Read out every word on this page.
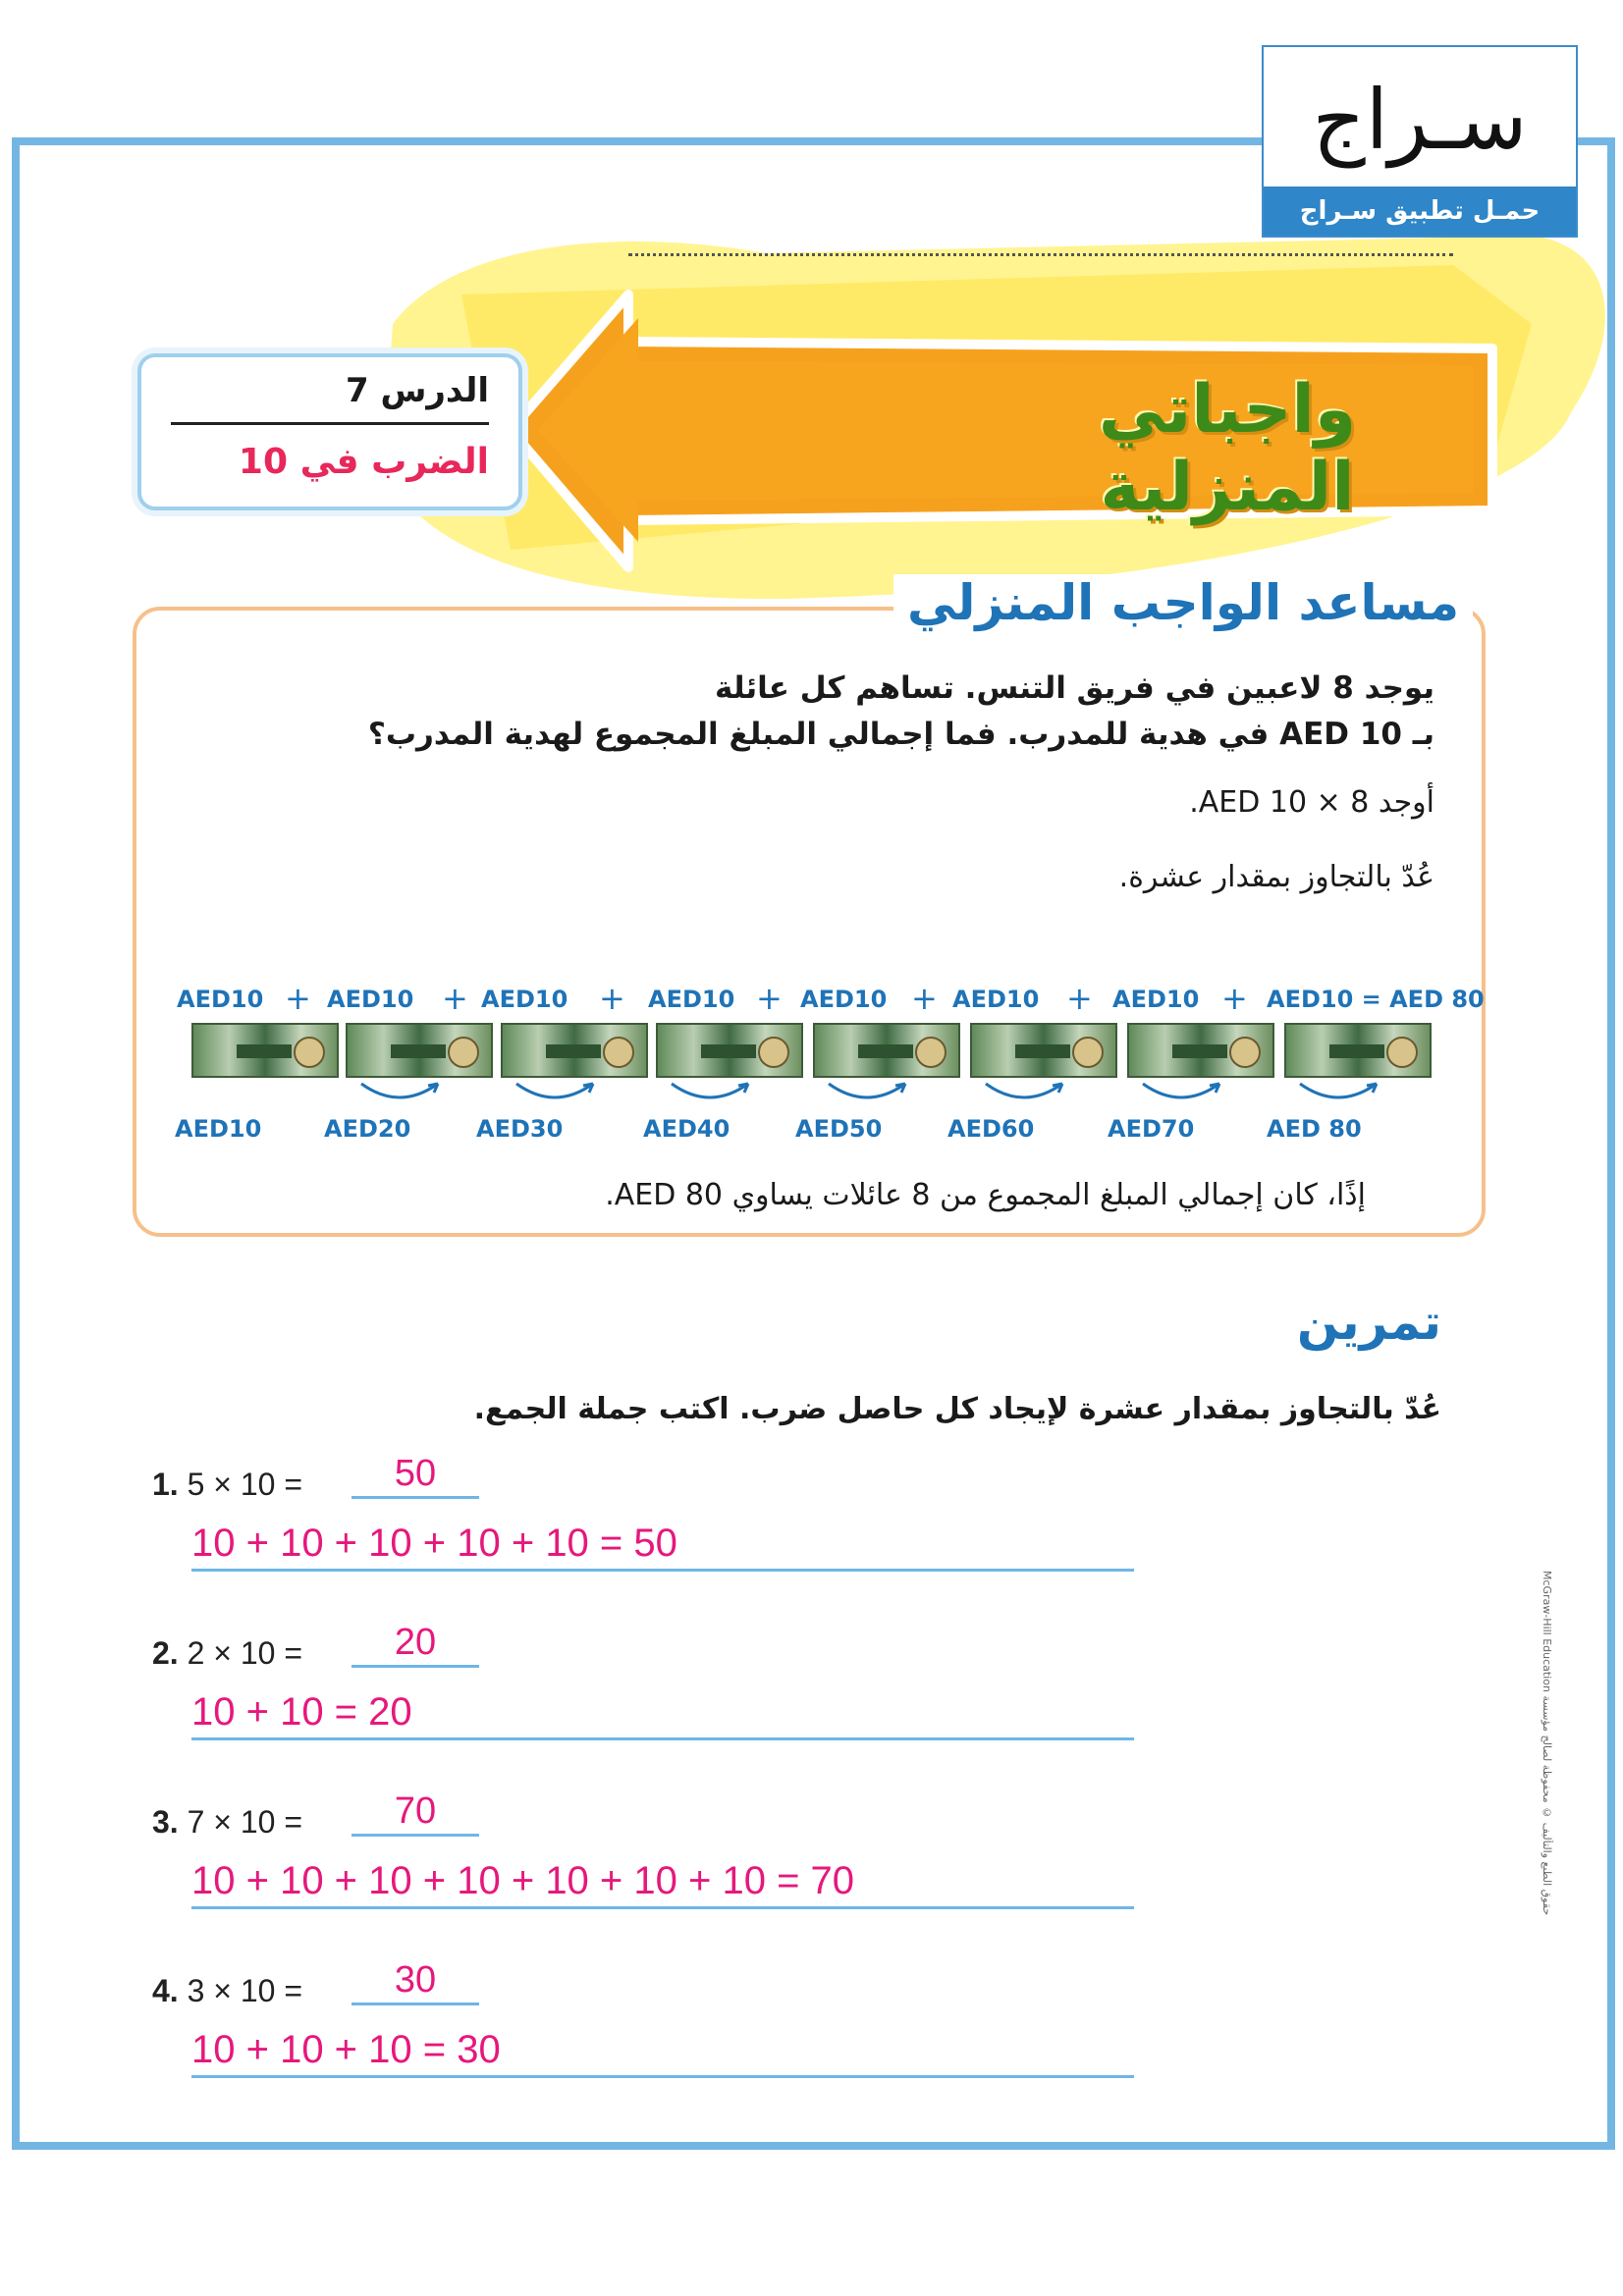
سـراج
حمـل تطبيق سـراج
واجباتي المنزلية
الدرس 7
الضرب في 10
مساعد الواجب المنزلي
يوجد 8 لاعبين في فريق التنس. تساهم كل عائلة
بـ AED 10 في هدية للمدرب. فما إجمالي المبلغ المجموع لهدية المدرب؟
أوجد AED 10 × 8.
عُدّ بالتجاوز بمقدار عشرة.
AED10	AED10	AED10	AED10	AED10	AED10	AED10	AED10 = AED 80
+	+	+	+	+	+	+
AED10	AED20	AED30	AED40	AED50	AED60	AED70	AED 80
إذًا، كان إجمالي المبلغ المجموع من 8 عائلات يساوي AED 80.
تمرين
عُدّ بالتجاوز بمقدار عشرة لإيجاد كل حاصل ضرب. اكتب جملة الجمع.
1. 5 × 10 =	50
10 + 10 + 10 + 10 + 10 = 50
2. 2 × 10 =	20
10 + 10 = 20
3. 7 × 10 =	70
10 + 10 + 10 + 10 + 10 + 10 + 10 = 70
4. 3 × 10 =	30
10 + 10 + 10 = 30
McGraw-Hill Education حقوق الطبع والتأليف © محفوظة لصالح مؤسسة
